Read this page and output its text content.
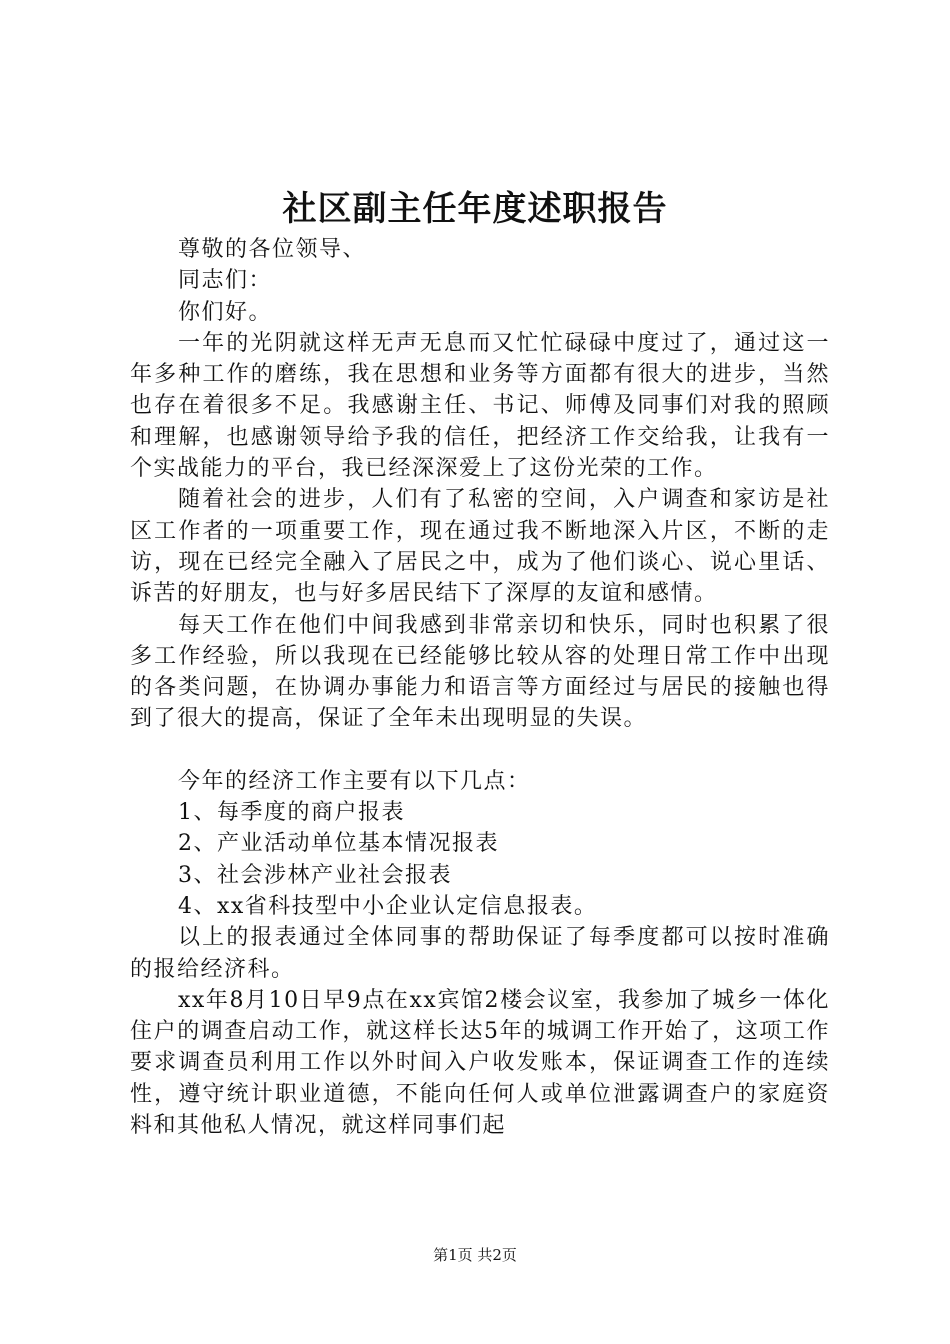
社区副主任年度述职报告

尊敬的各位领导、

同志们：

你们好。

一年的光阴就这样无声无息而又忙忙碌碌中度过了，通过这一年多种工作的磨练，我在思想和业务等方面都有很大的进步，当然也存在着很多不足。我感谢主任、书记、师傅及同事们对我的照顾和理解，也感谢领导给予我的信任，把经济工作交给我，让我有一个实战能力的平台，我已经深深爱上了这份光荣的工作。

随着社会的进步，人们有了私密的空间，入户调查和家访是社区工作者的一项重要工作，现在通过我不断地深入片区，不断的走访，现在已经完全融入了居民之中，成为了他们谈心、说心里话、诉苦的好朋友，也与好多居民结下了深厚的友谊和感情。

每天工作在他们中间我感到非常亲切和快乐，同时也积累了很多工作经验，所以我现在已经能够比较从容的处理日常工作中出现的各类问题，在协调办事能力和语言等方面经过与居民的接触也得到了很大的提高，保证了全年未出现明显的失误。

今年的经济工作主要有以下几点：

1、每季度的商户报表

2、产业活动单位基本情况报表

3、社会涉林产业社会报表

4、xx省科技型中小企业认定信息报表。

以上的报表通过全体同事的帮助保证了每季度都可以按时准确的报给经济科。

xx年8月10日早9点在xx宾馆2楼会议室，我参加了城乡一体化住户的调查启动工作，就这样长达5年的城调工作开始了，这项工作要求调查员利用工作以外时间入户收发账本，保证调查工作的连续性，遵守统计职业道德，不能向任何人或单位泄露调查户的家庭资料和其他私人情况，就这样同事们起

第1页 共2页
